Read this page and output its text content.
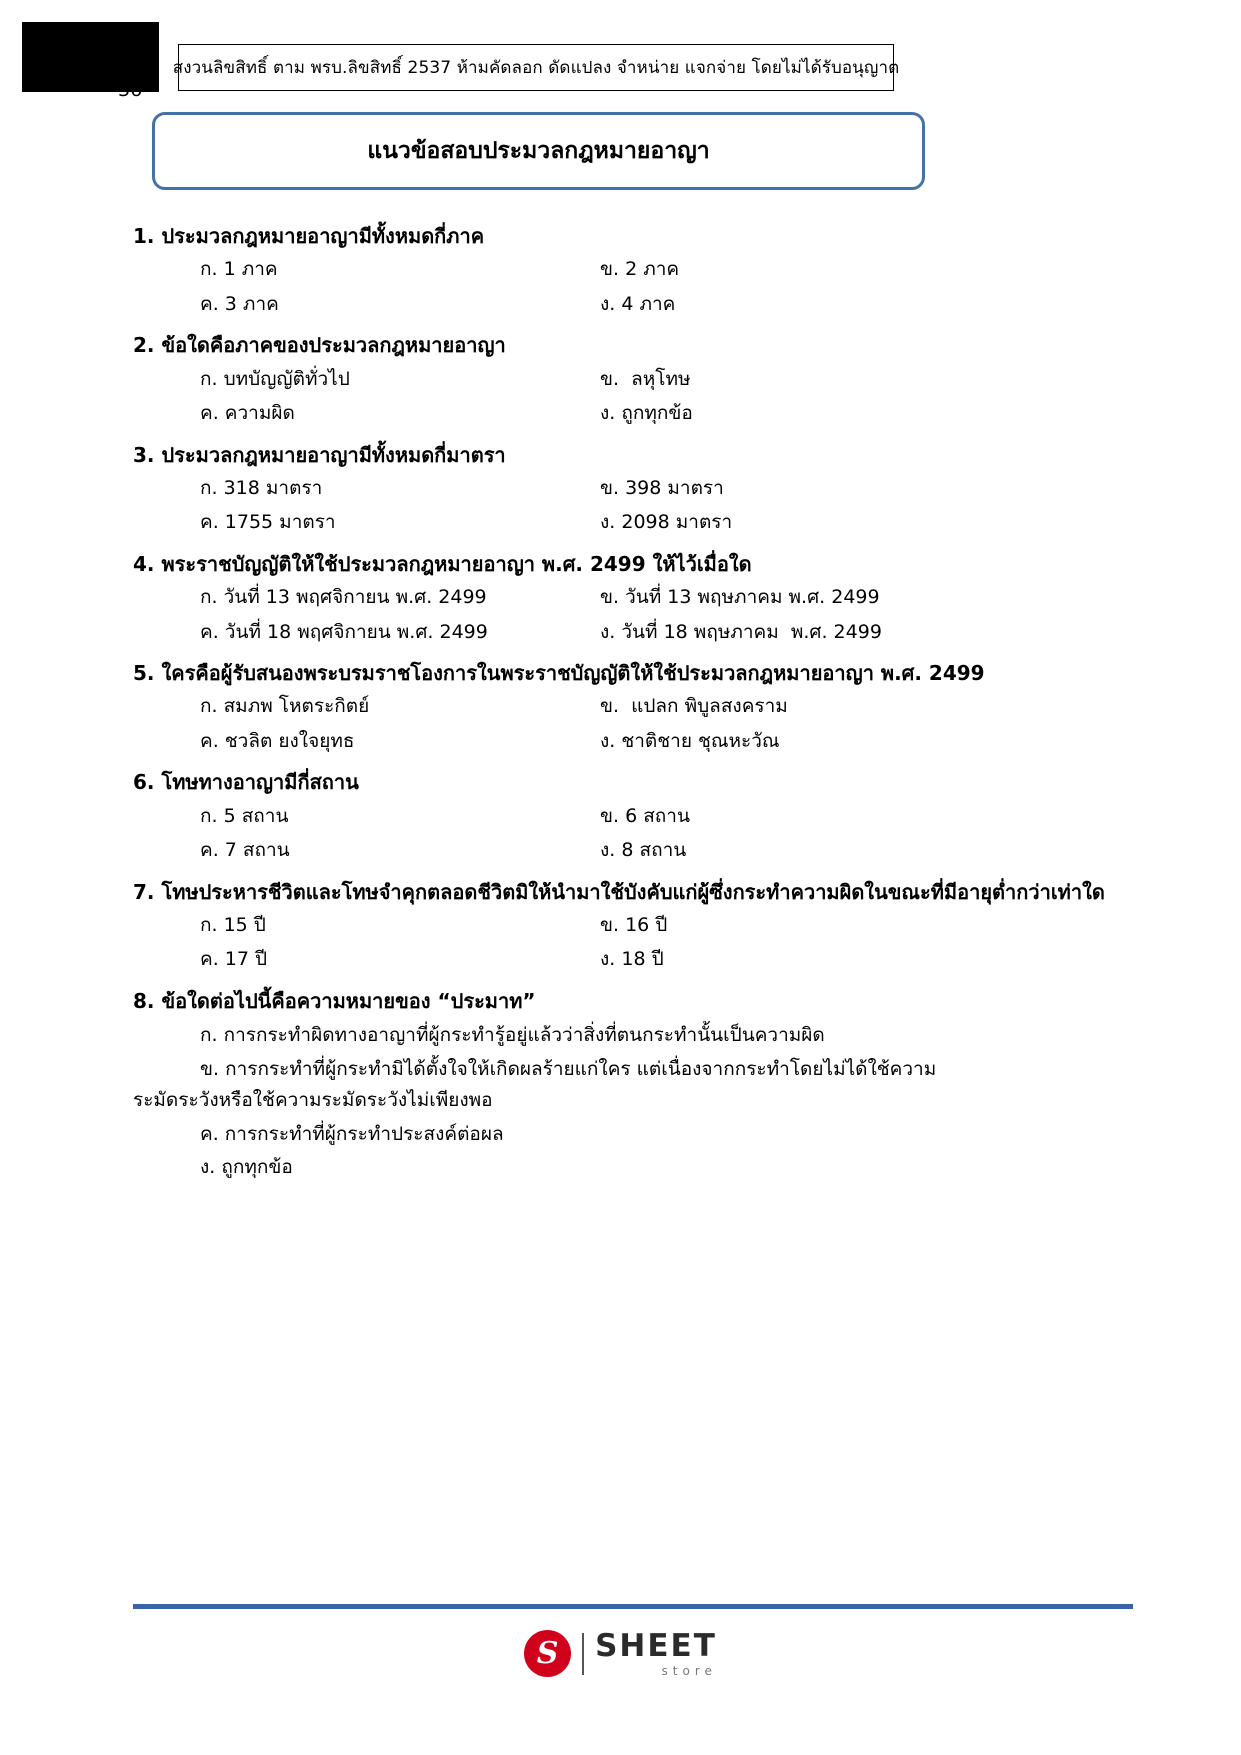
36
สงวนลิขสิทธิ์ ตาม พรบ.ลิขสิทธิ์ 2537 ห้ามคัดลอก ดัดแปลง จำหน่าย แจกจ่าย โดยไม่ได้รับอนุญาต
แนวข้อสอบประมวลกฎหมายอาญา

1. ประมวลกฎหมายอาญามีทั้งหมดกี่ภาค

ก. 1 ภาค	ข. 2 ภาค
ค. 3 ภาค	ง. 4 ภาค

2. ข้อใดคือภาคของประมวลกฎหมายอาญา

ก. บทบัญญัติทั่วไป	ข.  ลหุโทษ
ค. ความผิด	ง. ถูกทุกข้อ

3. ประมวลกฎหมายอาญามีทั้งหมดกี่มาตรา

ก. 318 มาตรา	ข. 398 มาตรา
ค. 1755 มาตรา	ง. 2098 มาตรา

4. พระราชบัญญัติให้ใช้ประมวลกฎหมายอาญา พ.ศ. 2499 ให้ไว้เมื่อใด

ก. วันที่ 13 พฤศจิกายน พ.ศ. 2499	ข. วันที่ 13 พฤษภาคม พ.ศ. 2499
ค. วันที่ 18 พฤศจิกายน พ.ศ. 2499	ง. วันที่ 18 พฤษภาคม  พ.ศ. 2499

5. ใครคือผู้รับสนองพระบรมราชโองการในพระราชบัญญัติให้ใช้ประมวลกฎหมายอาญา พ.ศ. 2499

ก. สมภพ โหตระกิตย์	ข.  แปลก พิบูลสงคราม
ค. ชวลิต ยงใจยุทธ	ง. ชาติชาย ชุณหะวัณ

6. โทษทางอาญามีกี่สถาน

ก. 5 สถาน	ข. 6 สถาน
ค. 7 สถาน	ง. 8 สถาน

7. โทษประหารชีวิตและโทษจำคุกตลอดชีวิตมิให้นำมาใช้บังคับแก่ผู้ซึ่งกระทำความผิดในขณะที่มีอายุต่ำกว่าเท่าใด

ก. 15 ปี	ข. 16 ปี
ค. 17 ปี	ง. 18 ปี

8. ข้อใดต่อไปนี้คือความหมายของ “ประมาท”

ก. การกระทำผิดทางอาญาที่ผู้กระทำรู้อยู่แล้วว่าสิ่งที่ตนกระทำนั้นเป็นความผิด
ข. การกระทำที่ผู้กระทำมิได้ตั้งใจให้เกิดผลร้ายแก่ใคร แต่เนื่องจากกระทำโดยไม่ได้ใช้ความ
ระมัดระวังหรือใช้ความระมัดระวังไม่เพียงพอ
ค. การกระทำที่ผู้กระทำประสงค์ต่อผล
ง. ถูกทุกข้อ
S	SHEET
store
